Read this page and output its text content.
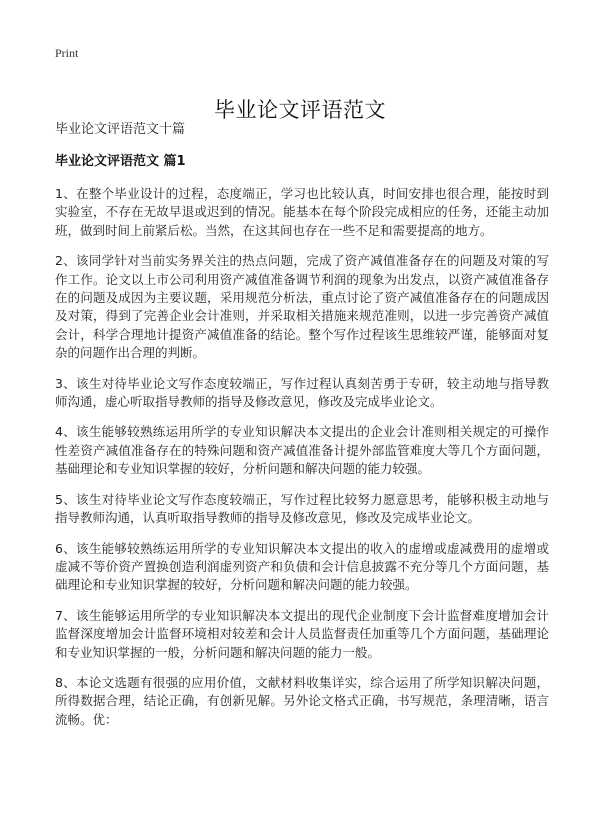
Print
毕业论文评语范文

毕业论文评语范文十篇

毕业论文评语范文 篇1

1、在整个毕业设计的过程，态度端正，学习也比较认真，时间安排也很合理，能按时到实验室，不存在无故早退或迟到的情况。能基本在每个阶段完成相应的任务，还能主动加班，做到时间上前紧后松。当然，在这其间也存在一些不足和需要提高的地方。

2、该同学针对当前实务界关注的热点问题，完成了资产减值准备存在的问题及对策的写作工作。论文以上市公司利用资产减值准备调节利润的现象为出发点，以资产减值准备存在的问题及成因为主要议题，采用规范分析法，重点讨论了资产减值准备存在的问题成因及对策，得到了完善企业会计准则，并采取相关措施来规范准则，以进一步完善资产减值会计，科学合理地计提资产减值准备的结论。整个写作过程该生思维较严谨，能够面对复杂的问题作出合理的判断。

3、该生对待毕业论文写作态度较端正，写作过程认真刻苦勇于专研，较主动地与指导教师沟通，虚心听取指导教师的指导及修改意见，修改及完成毕业论文。

4、该生能够较熟练运用所学的专业知识解决本文提出的企业会计准则相关规定的可操作性差资产减值准备存在的特殊问题和资产减值准备计提外部监管难度大等几个方面问题，基础理论和专业知识掌握的较好，分析问题和解决问题的能力较强。

5、该生对待毕业论文写作态度较端正，写作过程比较努力愿意思考，能够积极主动地与指导教师沟通，认真听取指导教师的指导及修改意见，修改及完成毕业论文。

6、该生能够较熟练运用所学的专业知识解决本文提出的收入的虚增或虚减费用的虚增或虚减不等价资产置换创造利润虚列资产和负债和会计信息披露不充分等几个方面问题，基础理论和专业知识掌握的较好，分析问题和解决问题的能力较强。

7、该生能够运用所学的专业知识解决本文提出的现代企业制度下会计监督难度增加会计监督深度增加会计监督环境相对较差和会计人员监督责任加重等几个方面问题，基础理论和专业知识掌握的一般，分析问题和解决问题的能力一般。

8、本论文选题有很强的应用价值，文献材料收集详实，综合运用了所学知识解决问题，所得数据合理，结论正确，有创新见解。另外论文格式正确，书写规范，条理清晰，语言流畅。优：
